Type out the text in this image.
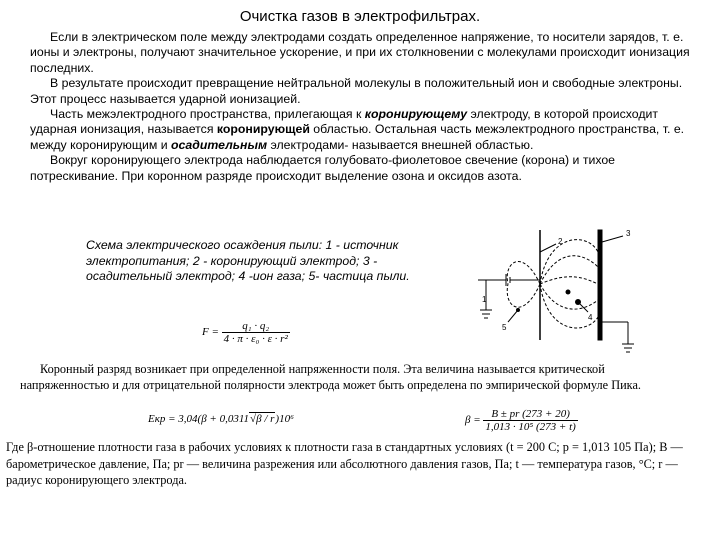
Очистка газов в электрофильтрах.

Если в электрическом поле между электродами создать определенное напряжение, то носители зарядов, т. е. ионы и электроны, получают значительное ускорение, и при их столкновении с молекулами происходит ионизация последних.

В результате происходит превращение нейтральной молекулы в положительный ион и свободные электроны. Этот процесс называется ударной ионизацией.

Часть межэлектродного пространства, прилегающая к коронирующему электроду, в которой происходит ударная ионизация, называется коронирующей областью. Остальная часть межэлектродного пространства, т. е. между коронирующим и осадительным электродами- называется внешней областью.

Вокруг коронирующего электрода наблюдается голубовато-фиолетовое свечение (корона) и тихое потрескивание. При коронном разряде происходит выделение озона и оксидов азота.

Схема электрического осаждения пыли: 1 - источник электропитания; 2 - коронирующий электрод; 3 - осадительный электрод; 4 -ион газа; 5- частица пыли.
$F = \frac{\text{q₁ · q₂}}{\text{4 · π · ε₀ · ε · r²}}$
3
2
1
4
5

Коронный разряд возникает при определенной напряженности поля. Эта величина называется критической напряженностью и для отрицательной полярности электрода может быть определена по эмпирической формуле Пика.

Eкр = 3,04(β + 0,0311√β / r)10⁶	$\beta = \frac{B \pm pr (273 + 20)}{\text{1,013 · 10⁵ (273 + t)}}$
Где β-отношение плотности газа в рабочих условиях к плотности газа в стандартных условиях (t = 200 C; p = 1,013 105 Па); B — барометрическое давление, Па; pr — величина разрежения или абсолютного давления газов, Па; t — температура газов, °С; r — радиус коронирующего электрода.
